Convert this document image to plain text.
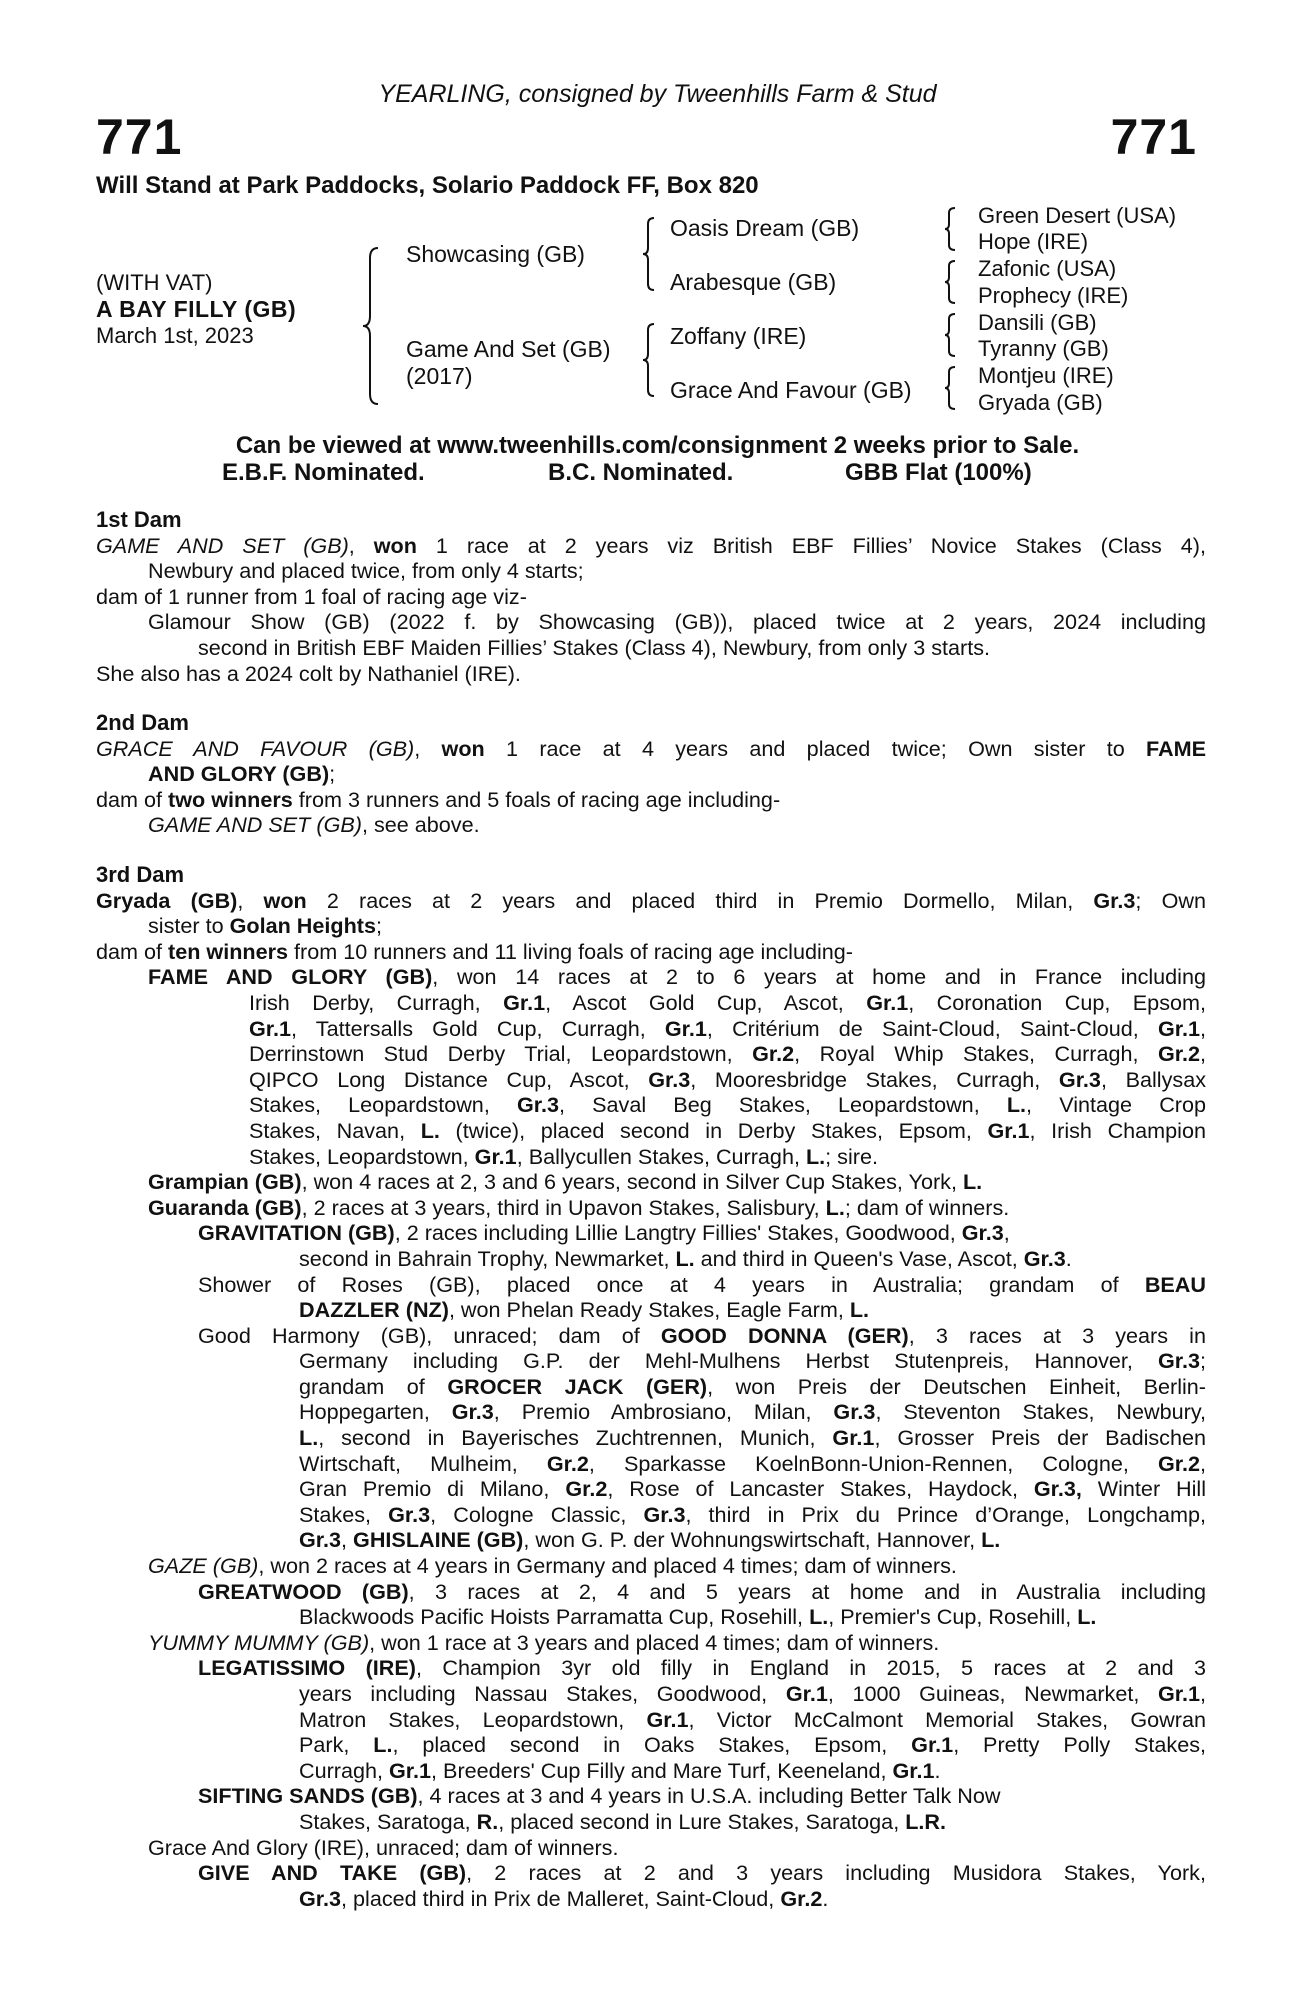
YEARLING, consigned by Tweenhills Farm & Stud
771	771
Will Stand at Park Paddocks, Solario Paddock FF, Box 820
(WITH VAT)
A BAY FILLY (GB)
March 1st, 2023
Showcasing (GB)
Game And Set (GB)
(2017)
Oasis Dream (GB)
Arabesque (GB)
Zoffany (IRE)
Grace And Favour (GB)
Green Desert (USA)
Hope (IRE)
Zafonic (USA)
Prophecy (IRE)
Dansili (GB)
Tyranny (GB)
Montjeu (IRE)
Gryada (GB)
Can be viewed at www.tweenhills.com/consignment 2 weeks prior to Sale.
E.B.F. Nominated.	B.C. Nominated.	GBB Flat (100%)
1st Dam
GAME AND SET (GB), won 1 race at 2 years viz British EBF Fillies’ Novice Stakes (Class 4),
Newbury and placed twice, from only 4 starts;
dam of 1 runner from 1 foal of racing age viz-
Glamour Show (GB) (2022 f. by Showcasing (GB)), placed twice at 2 years, 2024 including
second in British EBF Maiden Fillies’ Stakes (Class 4), Newbury, from only 3 starts.
She also has a 2024 colt by Nathaniel (IRE).
2nd Dam
GRACE AND FAVOUR (GB), won 1 race at 4 years and placed twice; Own sister to FAME
AND GLORY (GB);
dam of two winners from 3 runners and 5 foals of racing age including-
GAME AND SET (GB), see above.
3rd Dam
Gryada (GB), won 2 races at 2 years and placed third in Premio Dormello, Milan, Gr.3; Own
sister to Golan Heights;
dam of ten winners from 10 runners and 11 living foals of racing age including-
FAME AND GLORY (GB), won 14 races at 2 to 6 years at home and in France including
Irish Derby, Curragh, Gr.1, Ascot Gold Cup, Ascot, Gr.1, Coronation Cup, Epsom,
Gr.1, Tattersalls Gold Cup, Curragh, Gr.1, Critérium de Saint-Cloud, Saint-Cloud, Gr.1,
Derrinstown Stud Derby Trial, Leopardstown, Gr.2, Royal Whip Stakes, Curragh, Gr.2,
QIPCO Long Distance Cup, Ascot, Gr.3, Mooresbridge Stakes, Curragh, Gr.3, Ballysax
Stakes, Leopardstown, Gr.3, Saval Beg Stakes, Leopardstown, L., Vintage Crop
Stakes, Navan, L. (twice), placed second in Derby Stakes, Epsom, Gr.1, Irish Champion
Stakes, Leopardstown, Gr.1, Ballycullen Stakes, Curragh, L.; sire.
Grampian (GB), won 4 races at 2, 3 and 6 years, second in Silver Cup Stakes, York, L.
Guaranda (GB), 2 races at 3 years, third in Upavon Stakes, Salisbury, L.; dam of winners.
GRAVITATION (GB), 2 races including Lillie Langtry Fillies' Stakes, Goodwood, Gr.3,
second in Bahrain Trophy, Newmarket, L. and third in Queen's Vase, Ascot, Gr.3.
Shower of Roses (GB), placed once at 4 years in Australia; grandam of BEAU
DAZZLER (NZ), won Phelan Ready Stakes, Eagle Farm, L.
Good Harmony (GB), unraced; dam of GOOD DONNA (GER), 3 races at 3 years in
Germany including G.P. der Mehl-Mulhens Herbst Stutenpreis, Hannover, Gr.3;
grandam of GROCER JACK (GER), won Preis der Deutschen Einheit, Berlin-
Hoppegarten, Gr.3, Premio Ambrosiano, Milan, Gr.3, Steventon Stakes, Newbury,
L., second in Bayerisches Zuchtrennen, Munich, Gr.1, Grosser Preis der Badischen
Wirtschaft, Mulheim, Gr.2, Sparkasse KoelnBonn-Union-Rennen, Cologne, Gr.2,
Gran Premio di Milano, Gr.2, Rose of Lancaster Stakes, Haydock, Gr.3, Winter Hill
Stakes, Gr.3, Cologne Classic, Gr.3, third in Prix du Prince d’Orange, Longchamp,
Gr.3, GHISLAINE (GB), won G. P. der Wohnungswirtschaft, Hannover, L.
GAZE (GB), won 2 races at 4 years in Germany and placed 4 times; dam of winners.
GREATWOOD (GB), 3 races at 2, 4 and 5 years at home and in Australia including
Blackwoods Pacific Hoists Parramatta Cup, Rosehill, L., Premier's Cup, Rosehill, L.
YUMMY MUMMY (GB), won 1 race at 3 years and placed 4 times; dam of winners.
LEGATISSIMO (IRE), Champion 3yr old filly in England in 2015, 5 races at 2 and 3
years including Nassau Stakes, Goodwood, Gr.1, 1000 Guineas, Newmarket, Gr.1,
Matron Stakes, Leopardstown, Gr.1, Victor McCalmont Memorial Stakes, Gowran
Park, L., placed second in Oaks Stakes, Epsom, Gr.1, Pretty Polly Stakes,
Curragh, Gr.1, Breeders' Cup Filly and Mare Turf, Keeneland, Gr.1.
SIFTING SANDS (GB), 4 races at 3 and 4 years in U.S.A. including Better Talk Now
Stakes, Saratoga, R., placed second in Lure Stakes, Saratoga, L.R.
Grace And Glory (IRE), unraced; dam of winners.
GIVE AND TAKE (GB), 2 races at 2 and 3 years including Musidora Stakes, York,
Gr.3, placed third in Prix de Malleret, Saint-Cloud, Gr.2.
